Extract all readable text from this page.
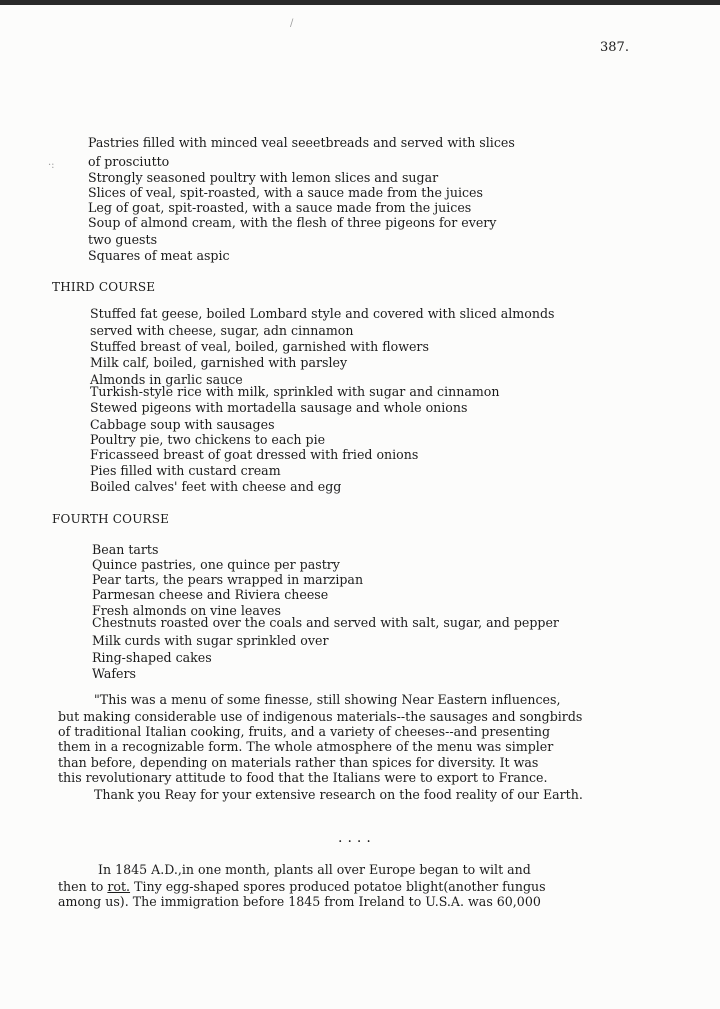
/
·:
387.
Pastries filled with minced veal seeetbreads and served with slices
of prosciutto
Strongly seasoned poultry with lemon slices and sugar
Slices of veal, spit-roasted, with a sauce made from the juices
Leg of goat, spit-roasted, with a sauce made from the juices
Soup of almond cream, with the flesh of three pigeons for every
two guests
Squares of meat aspic
THIRD COURSE
Stuffed fat geese, boiled Lombard style and covered with sliced almonds
served with cheese, sugar, adn cinnamon
Stuffed breast of veal, boiled, garnished with flowers
Milk calf, boiled, garnished with parsley
Almonds in garlic sauce
Turkish-style rice with milk, sprinkled with sugar and cinnamon
Stewed pigeons with mortadella sausage and whole onions
Cabbage soup with sausages
Poultry pie, two chickens to each pie
Fricasseed breast of goat dressed with fried onions
Pies filled with custard cream
Boiled calves' feet with cheese and egg
FOURTH COURSE
Bean tarts
Quince pastries, one quince per pastry
Pear tarts, the pears wrapped in marzipan
Parmesan cheese and Riviera cheese
Fresh almonds on vine leaves
Chestnuts roasted over the coals and served with salt, sugar, and pepper
Milk curds with sugar sprinkled over
Ring-shaped cakes
Wafers
"This was a menu of some finesse, still showing Near Eastern influences,
but making considerable use of indigenous materials--the sausages and songbirds
of traditional Italian cooking, fruits, and a variety of cheeses--and presenting
them in a recognizable form. The whole atmosphere of the menu was simpler
than before, depending on materials rather than spices for diversity. It was
this revolutionary attitude to food that the Italians were to export to France.
Thank you Reay for your extensive research on the food reality of our Earth.
....
In 1845 A.D.,in one month, plants all over Europe began to wilt and
then to rot. Tiny egg-shaped spores produced potatoe blight(another fungus
among us). The immigration before 1845 from Ireland to U.S.A. was 60,000
